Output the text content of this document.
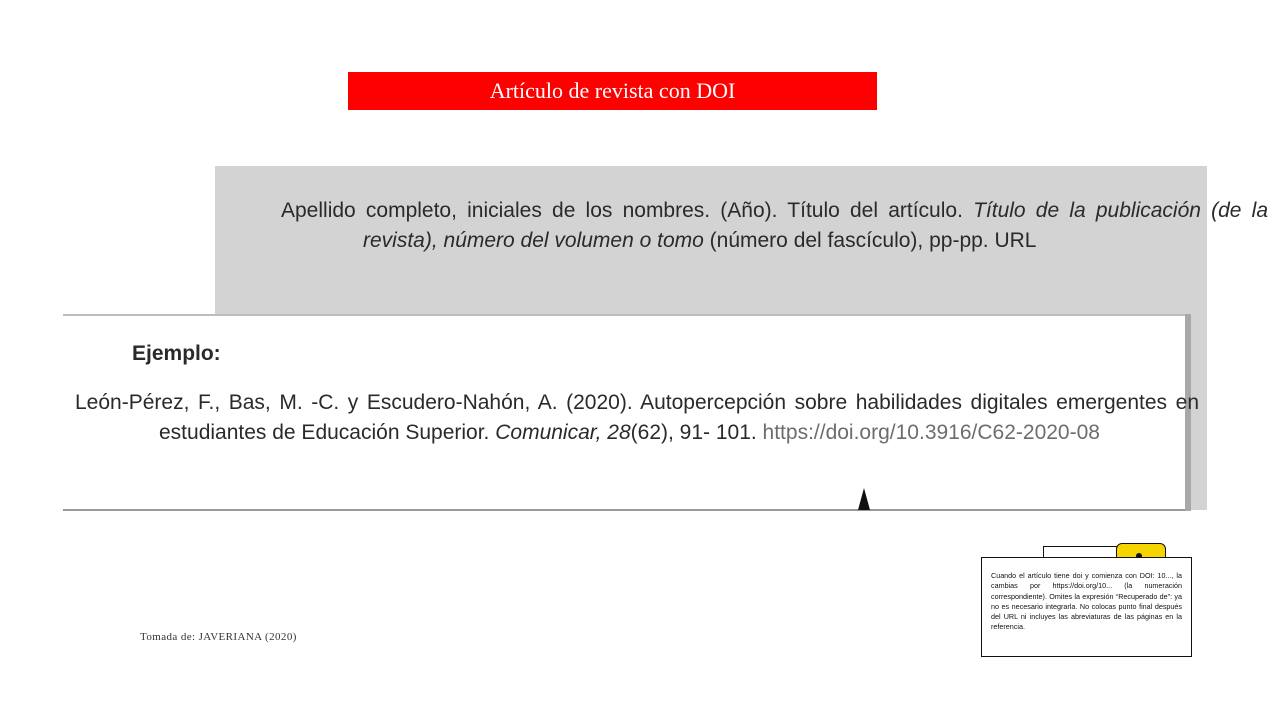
Artículo de revista con DOI
Apellido completo, iniciales de los nombres. (Año). Título del artículo. Título de la publicación (de la revista), número del volumen o tomo (número del fascículo), pp-pp. URL
Ejemplo:
León-Pérez, F., Bas, M. -C. y Escudero-Nahón, A. (2020). Autopercepción sobre habilidades digitales emergentes en estudiantes de Educación Superior. Comunicar, 28(62), 91- 101. https://doi.org/10.3916/C62-2020-08
Tomada de: JAVERIANA (2020)
Cuando el artículo tiene doi y comienza con DOI: 10..., la cambias por https://doi.org/10... (la numeración correspondiente). Omites la expresión “Recuperado de”: ya no es necesario integrarla. No colocas punto final después del URL ni incluyes las abreviaturas de las páginas en la referencia.
